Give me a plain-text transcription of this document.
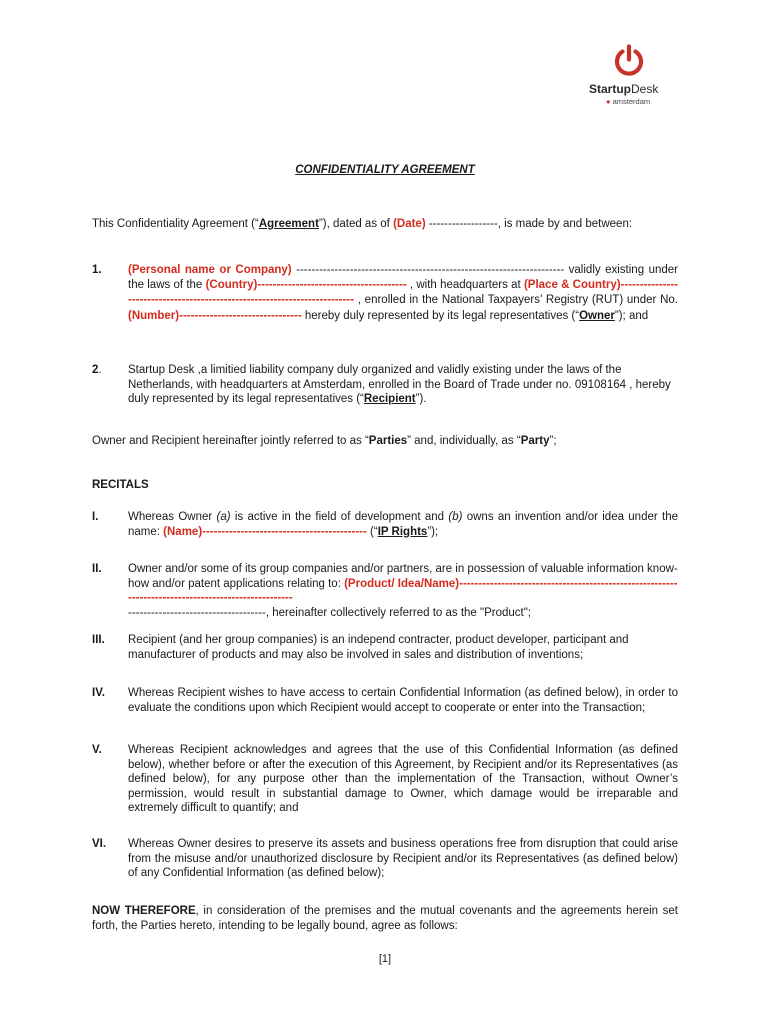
StartupDesk
● amsterdam
CONFIDENTIALITY AGREEMENT
This Confidentiality Agreement (“Agreement”), dated as of (Date) ------------------, is made by and between:
1. (Personal name or Company) ---------------------------------------------------------------------- validly existing under the laws of the (Country)--------------------------------------- , with headquarters at (Place & Country)-------------------------------------------------------------------------- , enrolled in the National Taxpayers’ Registry (RUT) under No. (Number)-------------------------------- hereby duly represented by its legal representatives (“Owner”); and
2. Startup Desk ,a limitied liability company duly organized and validly existing under the laws of the Netherlands, with headquarters at Amsterdam, enrolled in the Board of Trade under no. 09108164 , hereby duly represented by its legal representatives (“Recipient”).
Owner and Recipient hereinafter jointly referred to as “Parties” and, individually, as “Party”;
RECITALS
I.	Whereas Owner (a) is active in the field of development and (b) owns an invention and/or idea under the name: (Name)------------------------------------------- (“IP Rights”);
II. Owner and/or some of its group companies and/or partners, are in possession of valuable information know-how and/or patent applications relating to: (Product/ Idea/Name)----------------------------------------------------------------------------------------------------------------------------------------, hereinafter collectively referred to as the "Product";
III. Recipient (and her group companies) is an independ contracter, product developer, participant and manufacturer of products and may also be involved in sales and distribution of inventions;
IV. Whereas Recipient wishes to have access to certain Confidential Information (as defined below), in order to evaluate the conditions upon which Recipient would accept to cooperate or enter into the Transaction;
V. Whereas Recipient acknowledges and agrees that the use of this Confidential Information (as defined below), whether before or after the execution of this Agreement, by Recipient and/or its Representatives (as defined below), for any purpose other than the implementation of the Transaction, without Owner’s permission, would result in substantial damage to Owner, which damage would be irreparable and extremely difficult to quantify; and
VI. Whereas Owner desires to preserve its assets and business operations free from disruption that could arise from the misuse and/or unauthorized disclosure by Recipient and/or its Representatives (as defined below) of any Confidential Information (as defined below);
NOW THEREFORE, in consideration of the premises and the mutual covenants and the agreements herein set forth, the Parties hereto, intending to be legally bound, agree as follows:
[1]
